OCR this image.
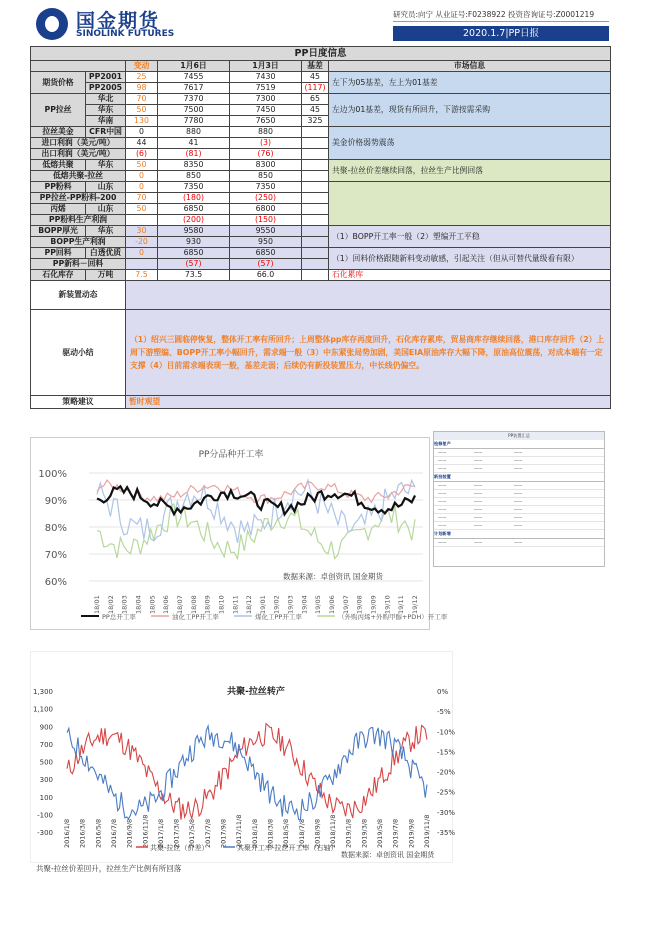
国金期货
SINOLINK FUTURES
研究员:向宁 从业证号:F0238922 投资咨询证号:Z0001219
2020.1.7|PP日报
PP日度信息						
		变动	1月6日	1月3日	基差	市场信息
期货价格	PP2001	25	7455	7430	45	左下为05基差，左上为01基差
	PP2005	98	7617	7519	(117)	
PP拉丝	华北	70	7370	7300	65	左边为01基差，现货有所回升，下游按需采购
	华东	50	7500	7450	45	
	华南	130	7780	7650	325	
拉丝美金	CFR中国	0	880	880		美金价格弱势震荡
进口利润（美元/吨）		44	41	(3)		
出口利润（美元/吨）		(6)	(81)	(76)		
低熔共聚	华东	50	8350	8300		共聚-拉丝价差继续回落，拉丝生产比例回落
低熔共聚-拉丝		0	850	850		
PP粉料	山东	0	7350	7350		
PP拉丝-PP粉料-200		70	(180)	(250)		
丙烯	山东	50	6850	6800		
PP粉料生产利润			(200)	(150)		
BOPP厚光	华东	30	9580	9550		（1）BOPP开工率一般（2）塑编开工平稳
BOPP生产利润		-20	930	950		
PP回料	白透优质	0	6850	6850		（1）回料价格跟随新料变动敏感，引起关注（但从可替代量级看有限）
PP新料－回料			(57)	(57)		
石化库存	万吨	7.5	73.5	66.0		石化累库
新装置动态						
驱动小结		（1）绍兴三圆临停恢复，整体开工率有所回升；上周整体pp库存再度回升，石化库存累库，贸易商库存继续回落，港口库存回升（2）上周下游塑编、BOPP开工率小幅回升，需求端一般（3）中东紧张局势加剧，美国EIA原油库存大幅下降，原油高位震荡，对成本端有一定支撑（4）目前需求端表现一般，基差走弱；后续仍有新投装置压力，中长线仍偏空。				
策略建议		暂时观望				
PP分品种开工率
100%
90%
80%
70%
60%
18/01 18/02 18/03 18/04 18/05 18/06 18/07 18/08 18/09 18/10 18/11 18/12 19/01 19/02 19/03 19/04 19/05 19/06 19/07 19/08 19/09 19/10 19/11 19/12
数据来源：卓创资讯 国金期货
PP总开工率	油化工PP开工率	煤化工PP开工率	（外购丙烯+外购甲醇+PDH）开工率
PP装置汇总
检修复产
——	——	——
——	——	——
——	——	——
新投装置
——	——	——
——	——	——
——	——	——
——	——	——
——	——	——
——	——	——
计划新增
——	——	——
共聚-拉丝转产
1,300
1,100
900
700
500
300
100
-100
-300
0%
-5%
-10%
-15%
-20%
-25%
-30%
-35%
2016/1/8 2016/3/8 2016/5/8 2016/7/8 2016/9/8 2016/11/8 2017/1/8 2017/3/8 2017/5/8 2017/7/8 2017/9/8 2017/11/8 2018/1/8 2018/3/8 2018/5/8 2018/7/8 2018/9/8 2018/11/8 2019/1/8 2019/3/8 2019/5/8 2019/7/8 2019/9/8 2019/11/8
共聚-拉丝（价差）	共聚开工率-拉丝开工率（右轴）
数据来源：卓创资讯 国金期货
共聚-拉丝价差回升，拉丝生产比例有所回落
